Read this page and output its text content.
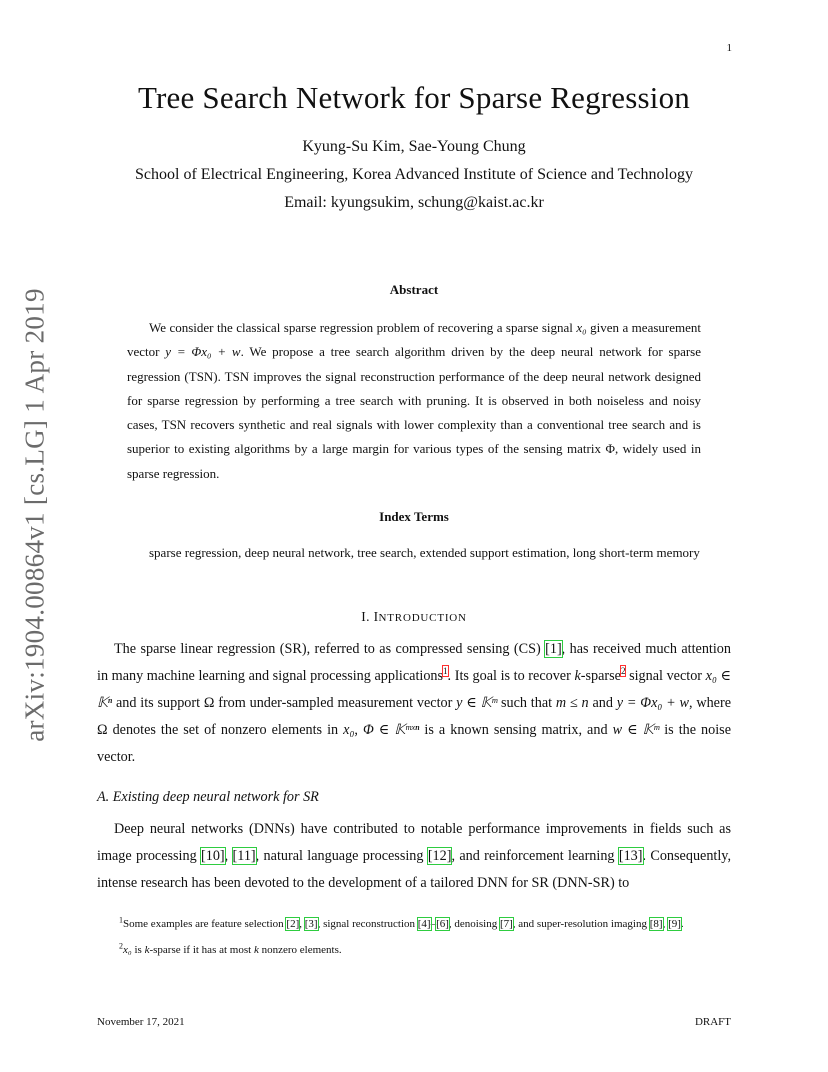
1
Tree Search Network for Sparse Regression
Kyung-Su Kim, Sae-Young Chung
School of Electrical Engineering, Korea Advanced Institute of Science and Technology
Email: kyungsukim, schung@kaist.ac.kr
arXiv:1904.00864v1 [cs.LG] 1 Apr 2019	Abstract

We consider the classical sparse regression problem of recovering a sparse signal x₀ given a measurement vector y = Φx₀ + w. We propose a tree search algorithm driven by the deep neural network for sparse regression (TSN). TSN improves the signal reconstruction performance of the deep neural network designed for sparse regression by performing a tree search with pruning. It is observed in both noiseless and noisy cases, TSN recovers synthetic and real signals with lower complexity than a conventional tree search and is superior to existing algorithms by a large margin for various types of the sensing matrix Φ, widely used in sparse regression.

Index Terms

sparse regression, deep neural network, tree search, extended support estimation, long short-term memory

I. INTRODUCTION

The sparse linear regression (SR), referred to as compressed sensing (CS) [1], has received much attention in many machine learning and signal processing applications$^1$. Its goal is to recover k-sparse$^2$ signal vector x₀ ∈ 𝕂ⁿ and its support Ω from under-sampled measurement vector y ∈ 𝕂ᵐ such that m ≤ n and y = Φx₀ + w, where Ω denotes the set of nonzero elements in x₀, Φ ∈ 𝕂ᵐˣⁿ is a known sensing matrix, and w ∈ 𝕂ᵐ is the noise vector.

A. Existing deep neural network for SR

Deep neural networks (DNNs) have contributed to notable performance improvements in fields such as image processing [10], [11], natural language processing [12], and reinforcement learning [13]. Consequently, intense research has been devoted to the development of a tailored DNN for SR (DNN-SR) to

$^1$Some examples are feature selection [2], [3], signal reconstruction [4]–[6], denoising [7], and super-resolution imaging [8], [9].

$^2$x₀ is k-sparse if it has at most k nonzero elements.

November 17, 2021	DRAFT
